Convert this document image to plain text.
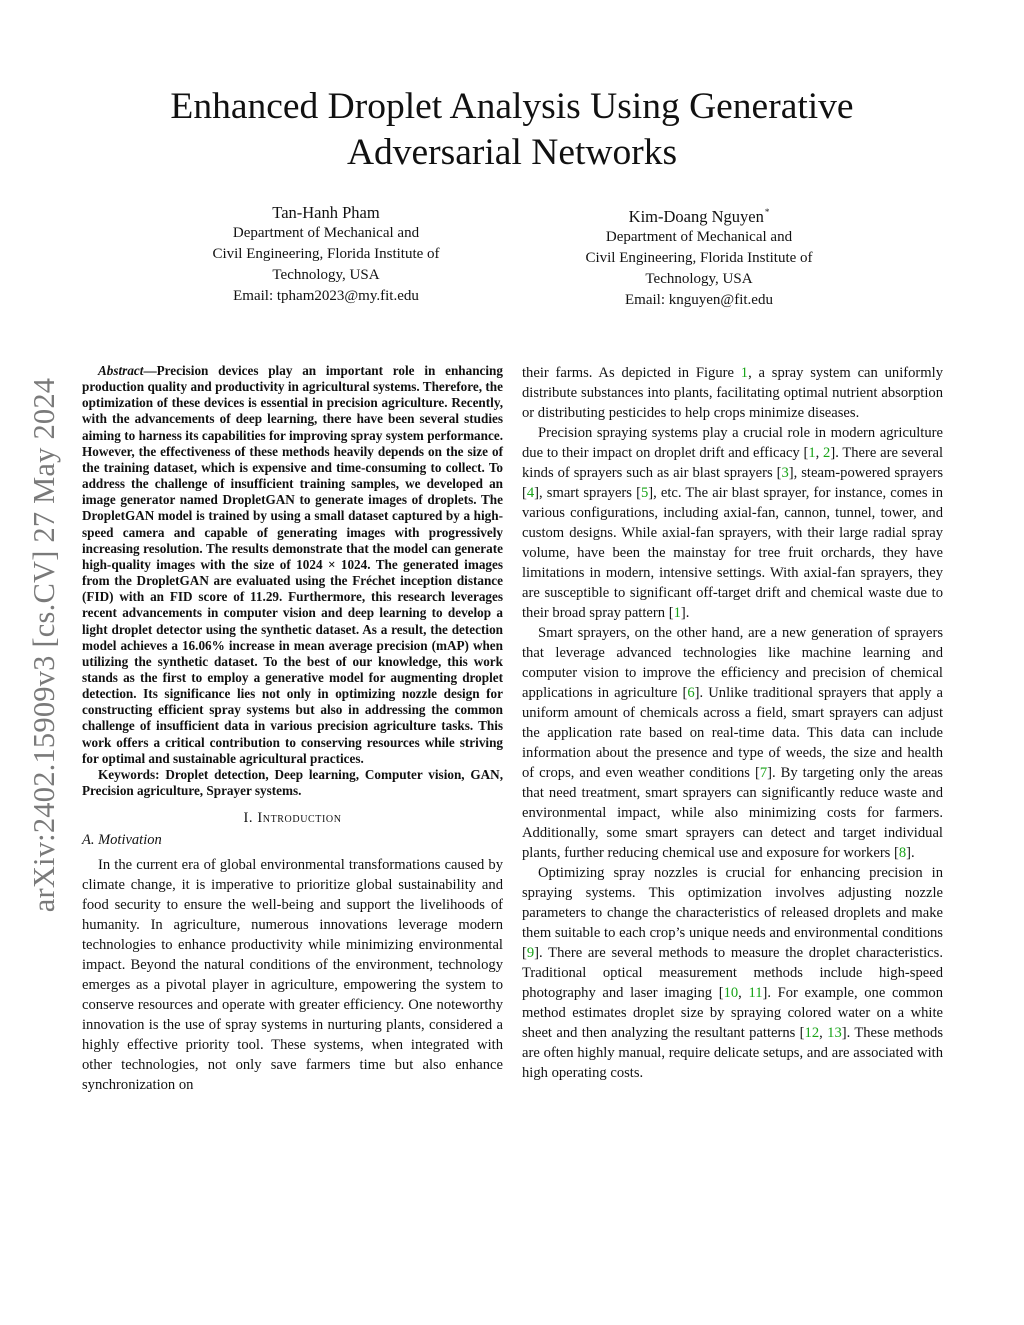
arXiv:2402.15909v3 [cs.CV] 27 May 2024
Enhanced Droplet Analysis Using Generative Adversarial Networks
Tan-Hanh Pham
Department of Mechanical and
Civil Engineering, Florida Institute of
Technology, USA
Email: tpham2023@my.fit.edu
Kim-Doang Nguyen*
Department of Mechanical and
Civil Engineering, Florida Institute of
Technology, USA
Email: knguyen@fit.edu

Abstract—Precision devices play an important role in enhancing production quality and productivity in agricultural systems. Therefore, the optimization of these devices is essential in precision agriculture. Recently, with the advancements of deep learning, there have been several studies aiming to harness its capabilities for improving spray system performance. However, the effectiveness of these methods heavily depends on the size of the training dataset, which is expensive and time-consuming to collect. To address the challenge of insufficient training samples, we developed an image generator named DropletGAN to generate images of droplets. The DropletGAN model is trained by using a small dataset captured by a high-speed camera and capable of generating images with progressively increasing resolution. The results demonstrate that the model can generate high-quality images with the size of 1024 × 1024. The generated images from the DropletGAN are evaluated using the Fréchet inception distance (FID) with an FID score of 11.29. Furthermore, this research leverages recent advancements in computer vision and deep learning to develop a light droplet detector using the synthetic dataset. As a result, the detection model achieves a 16.06% increase in mean average precision (mAP) when utilizing the synthetic dataset. To the best of our knowledge, this work stands as the first to employ a generative model for augmenting droplet detection. Its significance lies not only in optimizing nozzle design for constructing efficient spray systems but also in addressing the common challenge of insufficient data in various precision agriculture tasks. This work offers a critical contribution to conserving resources while striving for optimal and sustainable agricultural practices.

Keywords: Droplet detection, Deep learning, Computer vision, GAN, Precision agriculture, Sprayer systems.

I. Introduction
A. Motivation

In the current era of global environmental transformations caused by climate change, it is imperative to prioritize global sustainability and food security to ensure the well-being and support the livelihoods of humanity. In agriculture, numerous innovations leverage modern technologies to enhance productivity while minimizing environmental impact. Beyond the natural conditions of the environment, technology emerges as a pivotal player in agriculture, empowering the system to conserve resources and operate with greater efficiency. One noteworthy innovation is the use of spray systems in nurturing plants, considered a highly effective priority tool. These systems, when integrated with other technologies, not only save farmers time but also enhance synchronization on

their farms. As depicted in Figure 1, a spray system can uniformly distribute substances into plants, facilitating optimal nutrient absorption or distributing pesticides to help crops minimize diseases.

Precision spraying systems play a crucial role in modern agriculture due to their impact on droplet drift and efficacy [1, 2]. There are several kinds of sprayers such as air blast sprayers [3], steam-powered sprayers [4], smart sprayers [5], etc. The air blast sprayer, for instance, comes in various configurations, including axial-fan, cannon, tunnel, tower, and custom designs. While axial-fan sprayers, with their large radial spray volume, have been the mainstay for tree fruit orchards, they have limitations in modern, intensive settings. With axial-fan sprayers, they are susceptible to significant off-target drift and chemical waste due to their broad spray pattern [1].

Smart sprayers, on the other hand, are a new generation of sprayers that leverage advanced technologies like machine learning and computer vision to improve the efficiency and precision of chemical applications in agriculture [6]. Unlike traditional sprayers that apply a uniform amount of chemicals across a field, smart sprayers can adjust the application rate based on real-time data. This data can include information about the presence and type of weeds, the size and health of crops, and even weather conditions [7]. By targeting only the areas that need treatment, smart sprayers can significantly reduce waste and environmental impact, while also minimizing costs for farmers. Additionally, some smart sprayers can detect and target individual plants, further reducing chemical use and exposure for workers [8].

Optimizing spray nozzles is crucial for enhancing precision in spraying systems. This optimization involves adjusting nozzle parameters to change the characteristics of released droplets and make them suitable to each crop’s unique needs and environmental conditions [9]. There are several methods to measure the droplet characteristics. Traditional optical measurement methods include high-speed photography and laser imaging [10, 11]. For example, one common method estimates droplet size by spraying colored water on a white sheet and then analyzing the resultant patterns [12, 13]. These methods are often highly manual, require delicate setups, and are associated with high operating costs.
